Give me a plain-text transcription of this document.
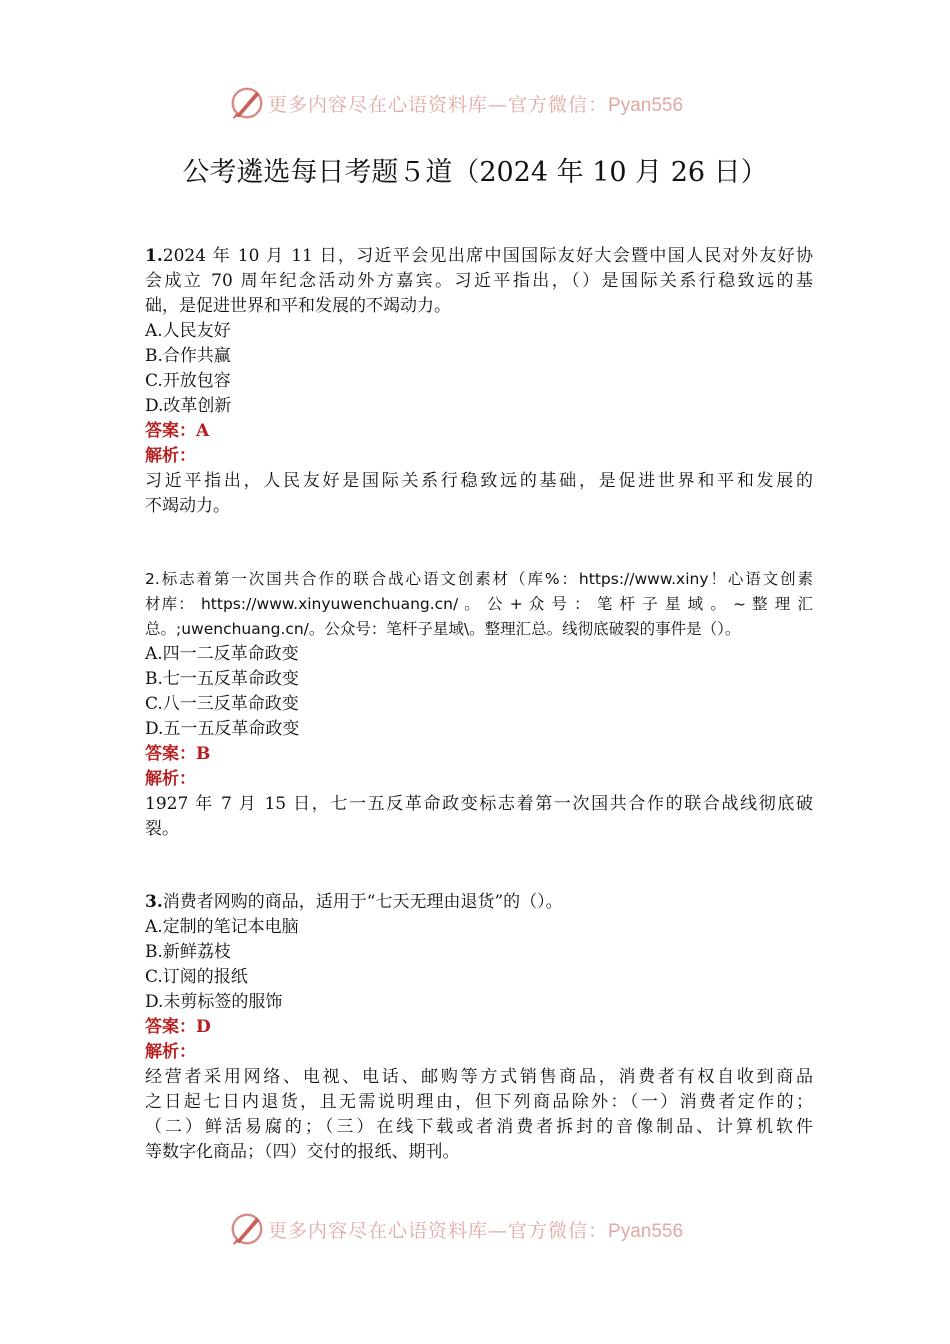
更多内容尽在心语资料库—官方微信：Pyan556
公考遴选每日考题５道（2024 年 10 月 26 日）
1.2024 年 10 月 11 日，习近平会见出席中国国际友好大会暨中国人民对外友好协
会成立 70 周年纪念活动外方嘉宾。习近平指出，（）是国际关系行稳致远的基
础，是促进世界和平和发展的不竭动力。
A.人民友好
B.合作共赢
C.开放包容
D.改革创新
答案：A
解析：
习近平指出，人民友好是国际关系行稳致远的基础，是促进世界和平和发展的
不竭动力。
2.标志着第一次国共合作的联合战心语文创素材（库%：https://www.xiny！心语文创素
材库： https://www.xinyuwenchuang.cn/ 。 公 + 众 号 ： 笔 杆 子 星 域 。 ~ 整 理 汇
总。;uwenchuang.cn/。公众号：笔杆子星域\。整理汇总。线彻底破裂的事件是（）。
A.四一二反革命政变
B.七一五反革命政变
C.八一三反革命政变
D.五一五反革命政变
答案：B
解析：
1927 年 7 月 15 日，七一五反革命政变标志着第一次国共合作的联合战线彻底破
裂。
3.消费者网购的商品，适用于“七天无理由退货”的（）。
A.定制的笔记本电脑
B.新鲜荔枝
C.订阅的报纸
D.未剪标签的服饰
答案：D
解析：
经营者采用网络、电视、电话、邮购等方式销售商品，消费者有权自收到商品
之日起七日内退货，且无需说明理由，但下列商品除外：（一）消费者定作的；
（二）鲜活易腐的；（三）在线下载或者消费者拆封的音像制品、计算机软件
等数字化商品；（四）交付的报纸、期刊。
更多内容尽在心语资料库—官方微信：Pyan556
